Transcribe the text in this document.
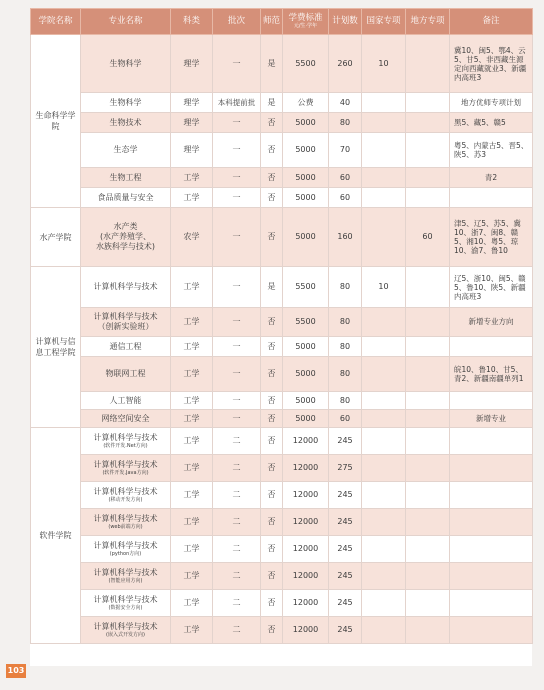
学院名称	专业名称	科类	批次	师范	学费标准
元/生·学年	计划数	国家专项	地方专项	备注
生命科学学院	生物科学	理学	一	是	5500	260	10		冀10、闽5、鄂4、云5、甘5、非西藏生源定向西藏就业3、新疆内高班3
	生物科学	理学	本科提前批	是	公费	40			地方优师专项计划
	生物技术	理学	一	否	5000	80			黑5、藏5、赣5
	生态学	理学	一	否	5000	70			粤5、内蒙古5、晋5、陕5、苏3
	生物工程	工学	一	否	5000	60			青2
	食品质量与安全	工学	一	否	5000	60			
水产学院	水产类
(水产养殖学、
水族科学与技术)	农学	一	否	5000	160		60	津5、辽5、苏5、冀10、浙7、闽8、赣5、湘10、粤5、琼10、渝7、鲁10
计算机与信息工程学院	计算机科学与技术	工学	一	是	5500	80	10		辽5、浙10、闽5、赣5、鲁10、陕5、新疆内高班3
	计算机科学与技术
（创新实验班）	工学	一	否	5500	80			新增专业方向
	通信工程	工学	一	否	5000	80			
	物联网工程	工学	一	否	5000	80			皖10、鲁10、甘5、青2、新疆南疆单列1
	人工智能	工学	一	否	5000	80			
	网络空间安全	工学	一	否	5000	60			新增专业
软件学院	计算机科学与技术
(软件开发.Net方向)	工学	二	否	12000	245			
	计算机科学与技术
(软件开发.Java方向)	工学	二	否	12000	275			
	计算机科学与技术
(移动开发方向)	工学	二	否	12000	245			
	计算机科学与技术
(web前端方向)	工学	二	否	12000	245			
	计算机科学与技术
(python方向)	工学	二	否	12000	245			
	计算机科学与技术
(智能应用方向)	工学	二	否	12000	245			
	计算机科学与技术
(数据安全方向)	工学	二	否	12000	245			
	计算机科学与技术
(嵌入式开发方向)	工学	二	否	12000	245			
103
